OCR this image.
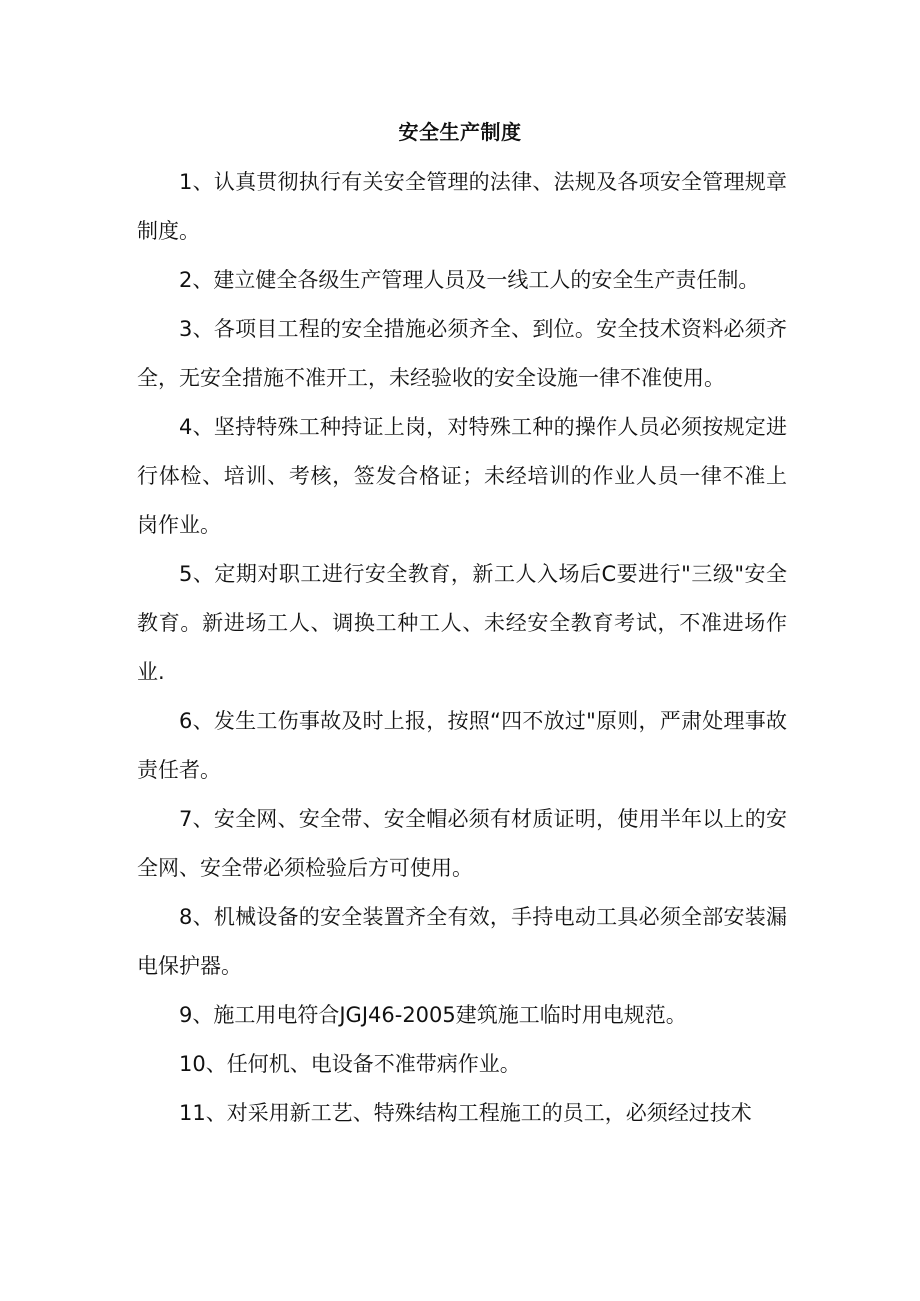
安全生产制度

1、认真贯彻执行有关安全管理的法律、法规及各项安全管理规章制度。

2、建立健全各级生产管理人员及一线工人的安全生产责任制。

3、各项目工程的安全措施必须齐全、到位。安全技术资料必须齐全，无安全措施不准开工，未经验收的安全设施一律不准使用。

4、坚持特殊工种持证上岗，对特殊工种的操作人员必须按规定进行体检、培训、考核，签发合格证；未经培训的作业人员一律不准上岗作业。

5、定期对职工进行安全教育，新工人入场后C要进行"三级"安全教育。新进场工人、调换工种工人、未经安全教育考试，不准进场作业.

6、发生工伤事故及时上报，按照“四不放过"原则，严肃处理事故责任者。

7、安全网、安全带、安全帽必须有材质证明，使用半年以上的安全网、安全带必须检验后方可使用。

8、机械设备的安全装置齐全有效，手持电动工具必须全部安装漏电保护器。

9、施工用电符合JGJ46-2005建筑施工临时用电规范。

10、任何机、电设备不准带病作业。

11、对采用新工艺、特殊结构工程施工的员工，必须经过技术
